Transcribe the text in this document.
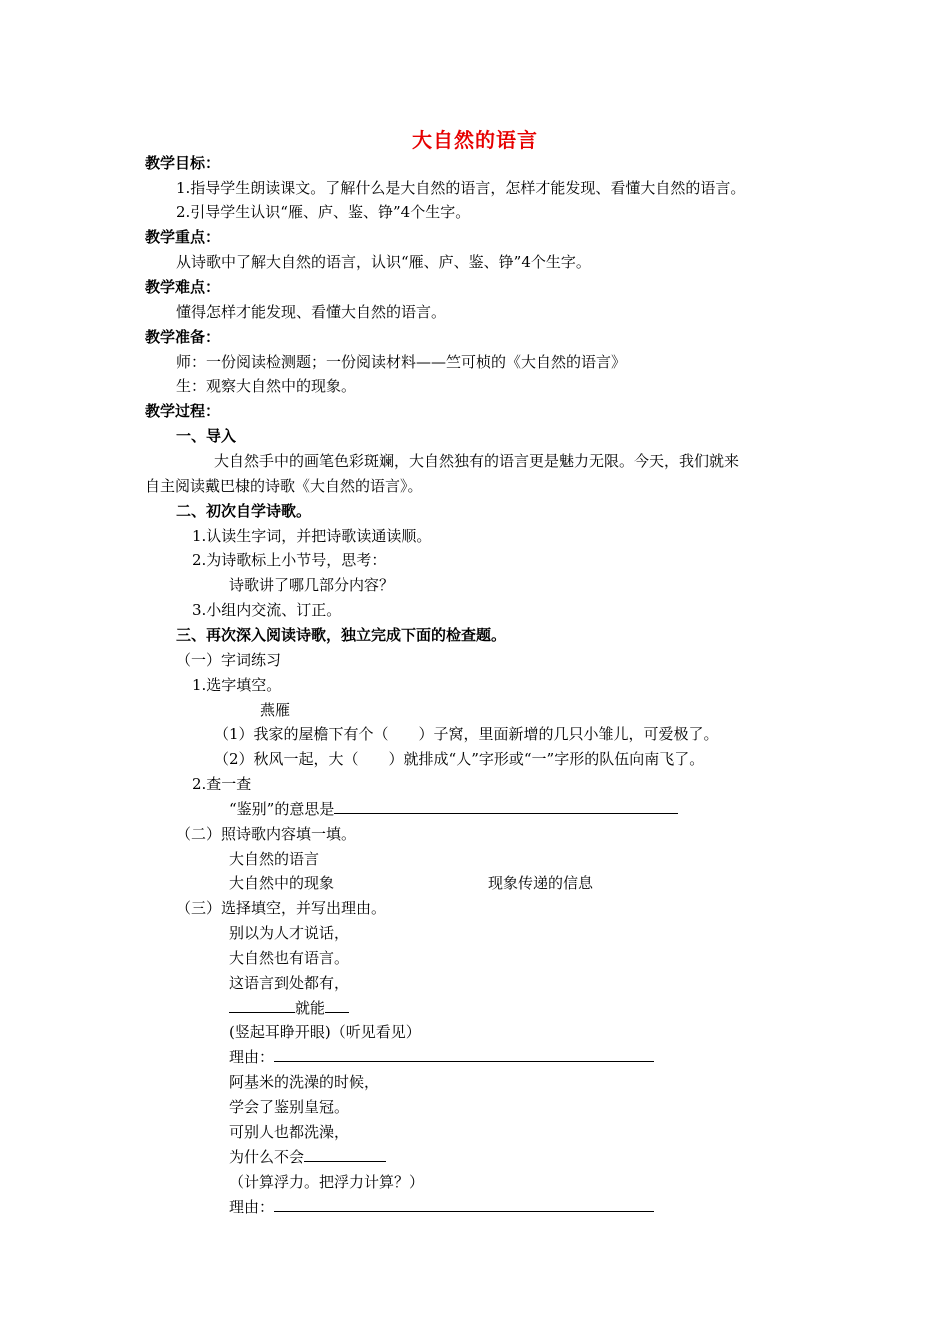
大自然的语言
教学目标：
1.指导学生朗读课文。了解什么是大自然的语言，怎样才能发现、看懂大自然的语言。
2.引导学生认识“雁、庐、鉴、铮”4个生字。
教学重点：
从诗歌中了解大自然的语言，认识“雁、庐、鉴、铮”4个生字。
教学难点：
懂得怎样才能发现、看懂大自然的语言。
教学准备：
师：一份阅读检测题；一份阅读材料——竺可桢的《大自然的语言》
生：观察大自然中的现象。
教学过程：
一、导入
大自然手中的画笔色彩斑斓，大自然独有的语言更是魅力无限。今天，我们就来
自主阅读戴巴棣的诗歌《大自然的语言》。
二、初次自学诗歌。
1.认读生字词，并把诗歌读通读顺。
2.为诗歌标上小节号，思考：
诗歌讲了哪几部分内容？
3.小组内交流、订正。
三、再次深入阅读诗歌，独立完成下面的检查题。
（一）字词练习
1.选字填空。
燕雁
（1）我家的屋檐下有个（　　）子窝，里面新增的几只小雏儿，可爱极了。
（2）秋风一起，大（　　）就排成“人”字形或“一”字形的队伍向南飞了。
2.查一查
“鉴别”的意思是
（二）照诗歌内容填一填。
大自然的语言
大自然中的现象	现象传递的信息
（三）选择填空，并写出理由。
别以为人才说话，
大自然也有语言。
这语言到处都有，
就能
(竖起耳睁开眼)（听见看见）
理由：
阿基米的洗澡的时候，
学会了鉴别皇冠。
可别人也都洗澡，
为什么不会
（计算浮力。把浮力计算？）
理由：
